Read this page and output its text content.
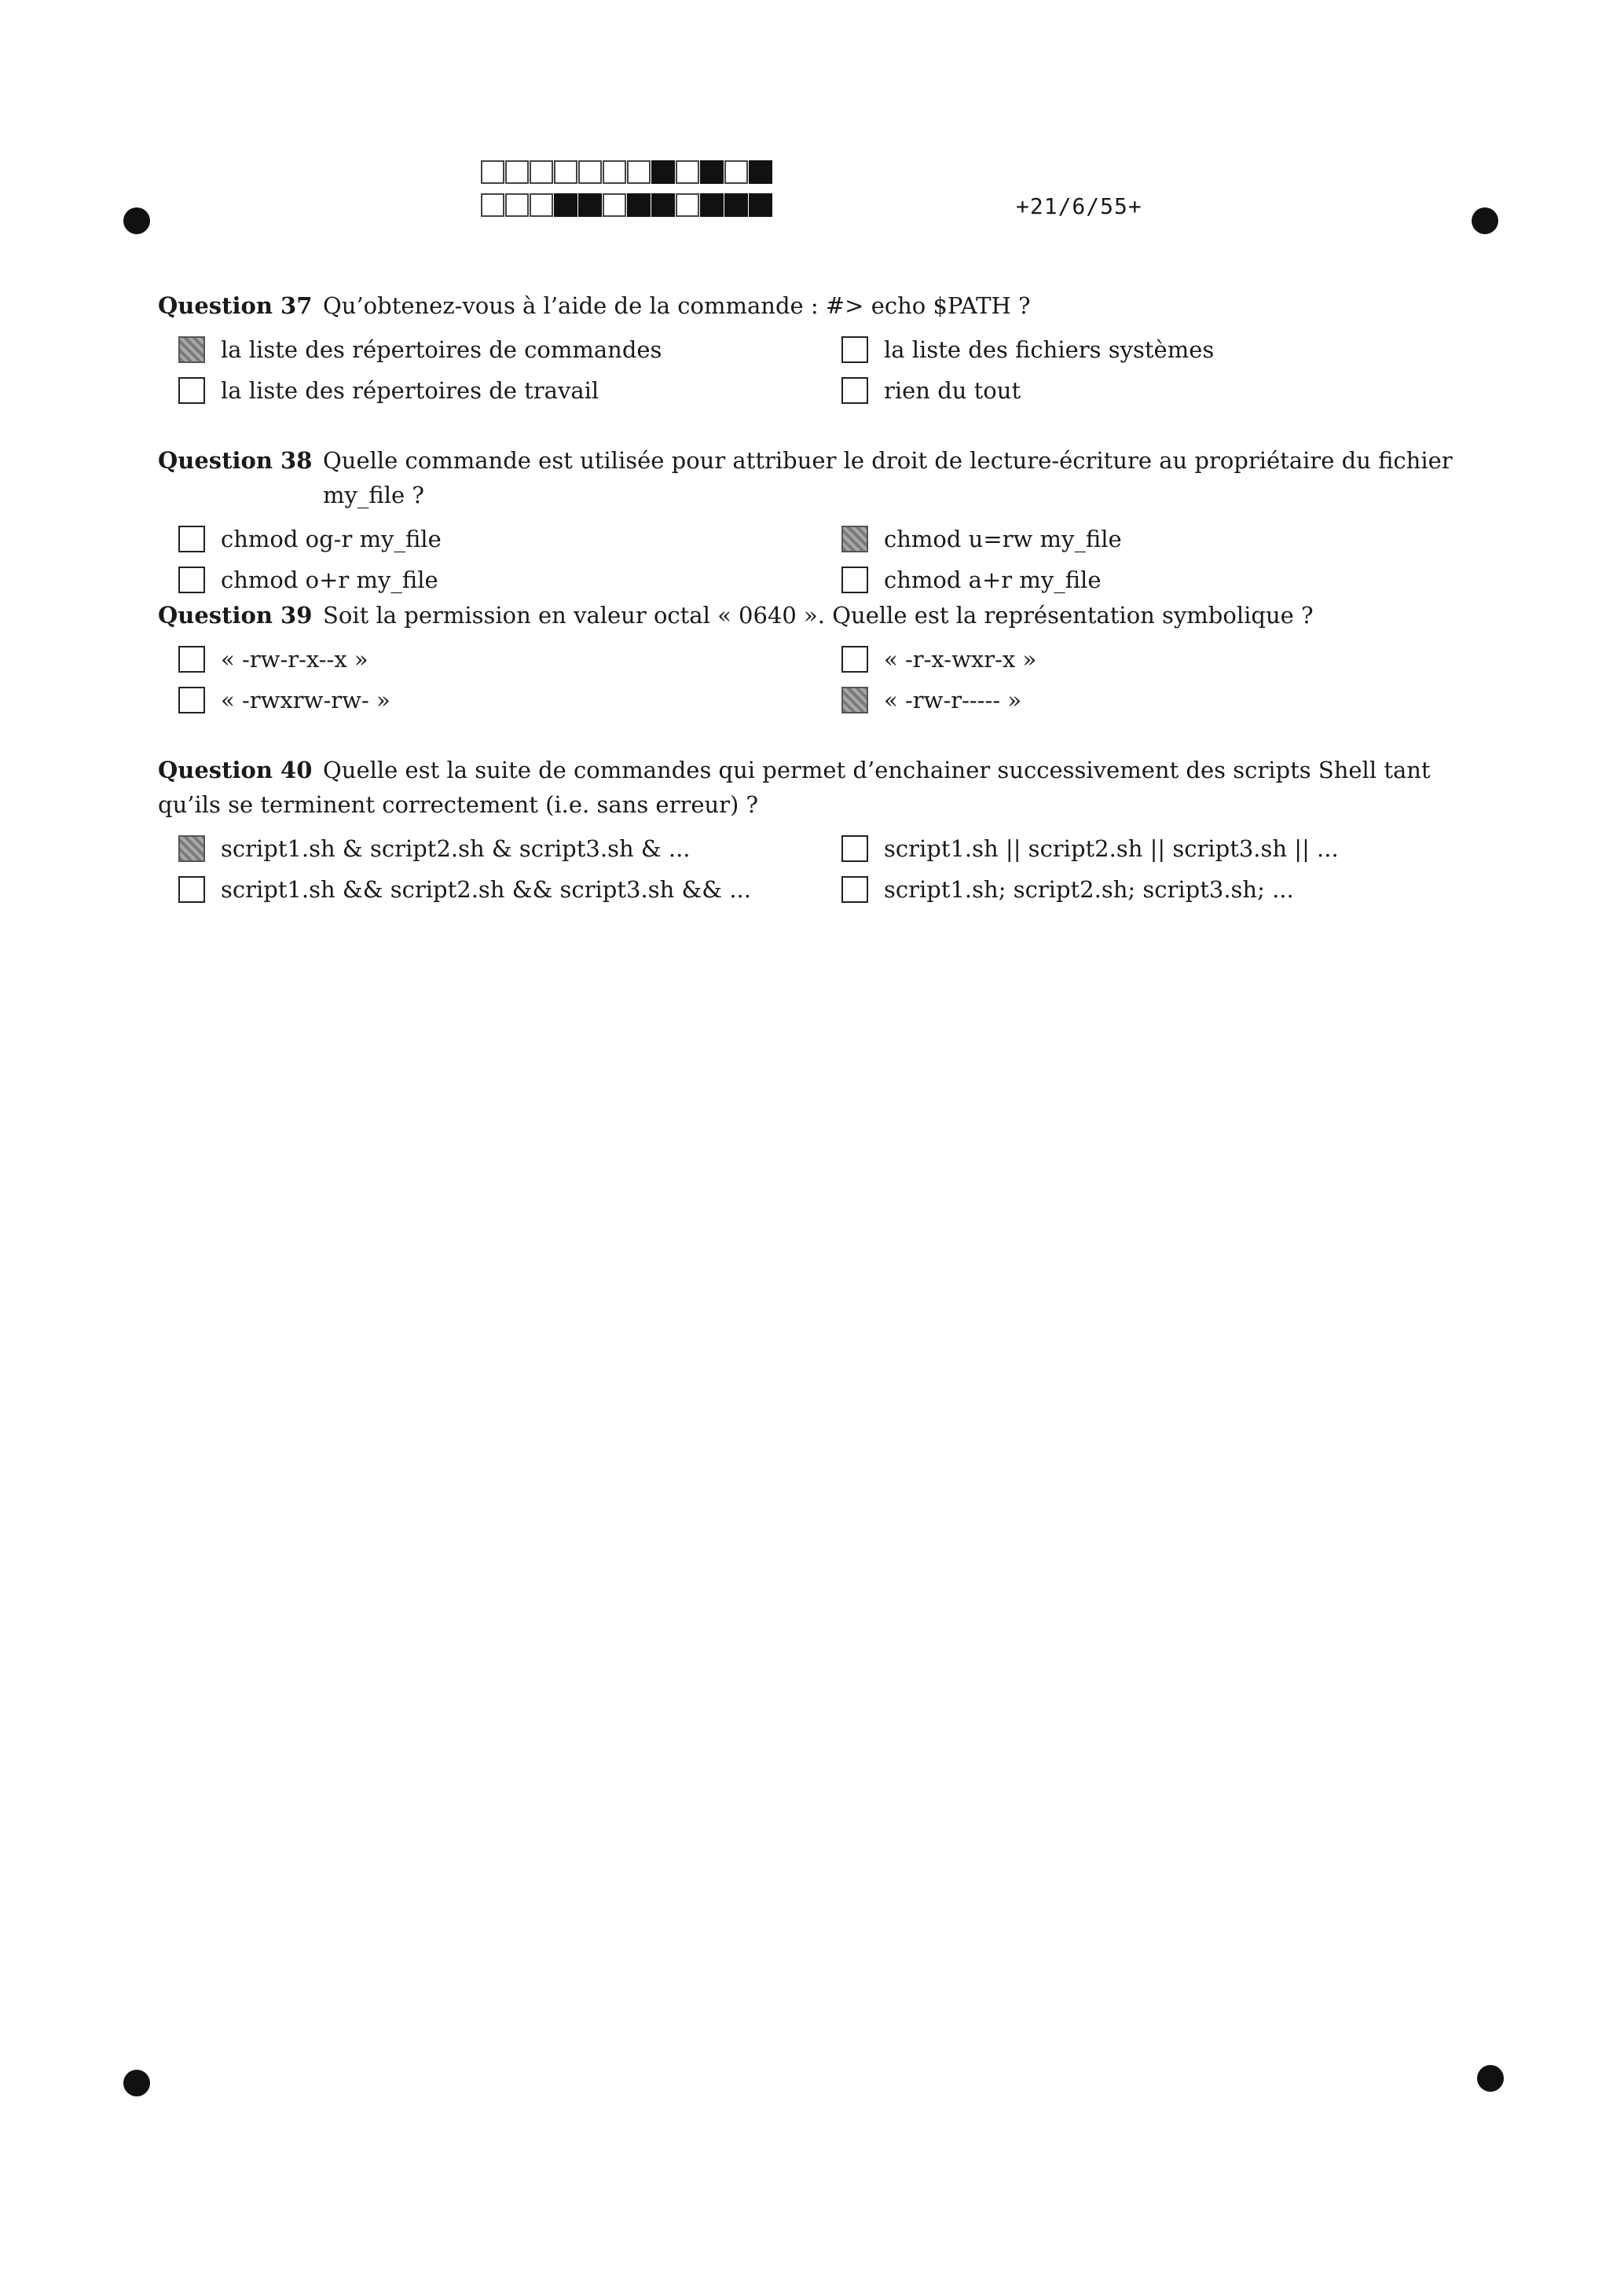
+21/6/55+
Question 37 Qu’obtenez-vous à l’aide de la commande : #> echo $PATH ?
la liste des répertoires de commandes	la liste des fichiers systèmes
la liste des répertoires de travail	rien du tout
Question 38 Quelle commande est utilisée pour attribuer le droit de lecture-écriture au propriétaire du fichier my_file ?
chmod og-r my_file	chmod u=rw my_file
chmod o+r my_file	chmod a+r my_file
Question 39 Soit la permission en valeur octal « 0640 ». Quelle est la représentation symbolique ?
« -rw-r-x--x »	« -r-x-wxr-x »
« -rwxrw-rw- »	« -rw-r----- »
Question 40 Quelle est la suite de commandes qui permet d’enchainer successivement des scripts Shell tant qu’ils se terminent correctement (i.e. sans erreur) ?
script1.sh & script2.sh & script3.sh & ...	script1.sh || script2.sh || script3.sh || ...
script1.sh && script2.sh && script3.sh && ...	script1.sh; script2.sh; script3.sh; ...
